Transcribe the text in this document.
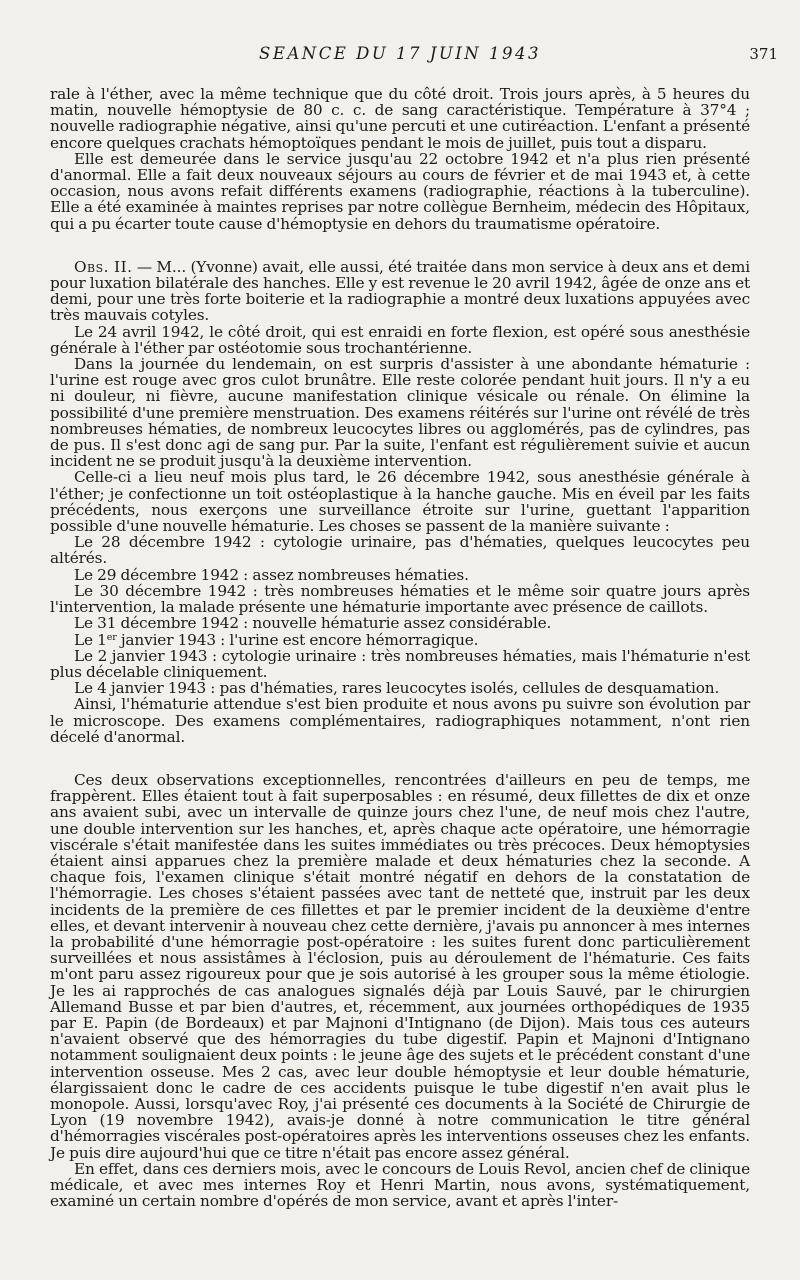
SEANCE DU 17 JUIN 1943	371

rale à l'éther, avec la même technique que du côté droit. Trois jours après, à 5 heures du matin, nouvelle hémoptysie de 80 c. c. de sang caractéristique. Température à 37°4 ; nouvelle radiographie négative, ainsi qu'une percuti et une cutiréaction. L'enfant a présenté encore quelques crachats hémoptoïques pendant le mois de juillet, puis tout a disparu.

Elle est demeurée dans le service jusqu'au 22 octobre 1942 et n'a plus rien présenté d'anormal. Elle a fait deux nouveaux séjours au cours de février et de mai 1943 et, à cette occasion, nous avons refait différents examens (radiographie, réactions à la tuberculine). Elle a été examinée à maintes reprises par notre collègue Bernheim, médecin des Hôpitaux, qui a pu écarter toute cause d'hémoptysie en dehors du traumatisme opératoire.

Obs. II. — M... (Yvonne) avait, elle aussi, été traitée dans mon service à deux ans et demi pour luxation bilatérale des hanches. Elle y est revenue le 20 avril 1942, âgée de onze ans et demi, pour une très forte boiterie et la radiographie a montré deux luxations appuyées avec très mauvais cotyles.

Le 24 avril 1942, le côté droit, qui est enraidi en forte flexion, est opéré sous anesthésie générale à l'éther par ostéotomie sous trochantérienne.

Dans la journée du lendemain, on est surpris d'assister à une abondante hématurie : l'urine est rouge avec gros culot brunâtre. Elle reste colorée pendant huit jours. Il n'y a eu ni douleur, ni fièvre, aucune manifestation clinique vésicale ou rénale. On élimine la possibilité d'une première menstruation. Des examens réitérés sur l'urine ont révélé de très nombreuses hématies, de nombreux leucocytes libres ou agglomérés, pas de cylindres, pas de pus. Il s'est donc agi de sang pur. Par la suite, l'enfant est régulièrement suivie et aucun incident ne se produit jusqu'à la deuxième intervention.

Celle-ci a lieu neuf mois plus tard, le 26 décembre 1942, sous anesthésie générale à l'éther; je confectionne un toit ostéoplastique à la hanche gauche. Mis en éveil par les faits précédents, nous exerçons une surveillance étroite sur l'urine, guettant l'apparition possible d'une nouvelle hématurie. Les choses se passent de la manière suivante :

Le 28 décembre 1942 : cytologie urinaire, pas d'hématies, quelques leucocytes peu altérés.

Le 29 décembre 1942 : assez nombreuses hématies.

Le 30 décembre 1942 : très nombreuses hématies et le même soir quatre jours après l'intervention, la malade présente une hématurie importante avec présence de caillots.

Le 31 décembre 1942 : nouvelle hématurie assez considérable.

Le 1er janvier 1943 : l'urine est encore hémorragique.

Le 2 janvier 1943 : cytologie urinaire : très nombreuses hématies, mais l'hématurie n'est plus décelable cliniquement.

Le 4 janvier 1943 : pas d'hématies, rares leucocytes isolés, cellules de desquamation.

Ainsi, l'hématurie attendue s'est bien produite et nous avons pu suivre son évolution par le microscope. Des examens complémentaires, radiographiques notamment, n'ont rien décelé d'anormal.

Ces deux observations exceptionnelles, rencontrées d'ailleurs en peu de temps, me frappèrent. Elles étaient tout à fait superposables : en résumé, deux fillettes de dix et onze ans avaient subi, avec un intervalle de quinze jours chez l'une, de neuf mois chez l'autre, une double intervention sur les hanches, et, après chaque acte opératoire, une hémorragie viscérale s'était manifestée dans les suites immédiates ou très précoces. Deux hémoptysies étaient ainsi apparues chez la première malade et deux hématuries chez la seconde. A chaque fois, l'examen clinique s'était montré négatif en dehors de la constatation de l'hémorragie. Les choses s'étaient passées avec tant de netteté que, instruit par les deux incidents de la première de ces fillettes et par le premier incident de la deuxième d'entre elles, et devant intervenir à nouveau chez cette dernière, j'avais pu annoncer à mes internes la probabilité d'une hémorragie post-opératoire : les suites furent donc particulièrement surveillées et nous assistâmes à l'éclosion, puis au déroulement de l'hématurie. Ces faits m'ont paru assez rigoureux pour que je sois autorisé à les grouper sous la même étiologie. Je les ai rapprochés de cas analogues signalés déjà par Louis Sauvé, par le chirurgien Allemand Busse et par bien d'autres, et, récemment, aux journées orthopédiques de 1935 par E. Papin (de Bordeaux) et par Majnoni d'Intignano (de Dijon). Mais tous ces auteurs n'avaient observé que des hémorragies du tube digestif. Papin et Majnoni d'Intignano notamment soulignaient deux points : le jeune âge des sujets et le précédent constant d'une intervention osseuse. Mes 2 cas, avec leur double hémoptysie et leur double hématurie, élargissaient donc le cadre de ces accidents puisque le tube digestif n'en avait plus le monopole. Aussi, lorsqu'avec Roy, j'ai présenté ces documents à la Société de Chirurgie de Lyon (19 novembre 1942), avais-je donné à notre communication le titre général d'hémorragies viscérales post-opératoires après les interventions osseuses chez les enfants. Je puis dire aujourd'hui que ce titre n'était pas encore assez général.

En effet, dans ces derniers mois, avec le concours de Louis Revol, ancien chef de clinique médicale, et avec mes internes Roy et Henri Martin, nous avons, systématiquement, examiné un certain nombre d'opérés de mon service, avant et après l'inter-
